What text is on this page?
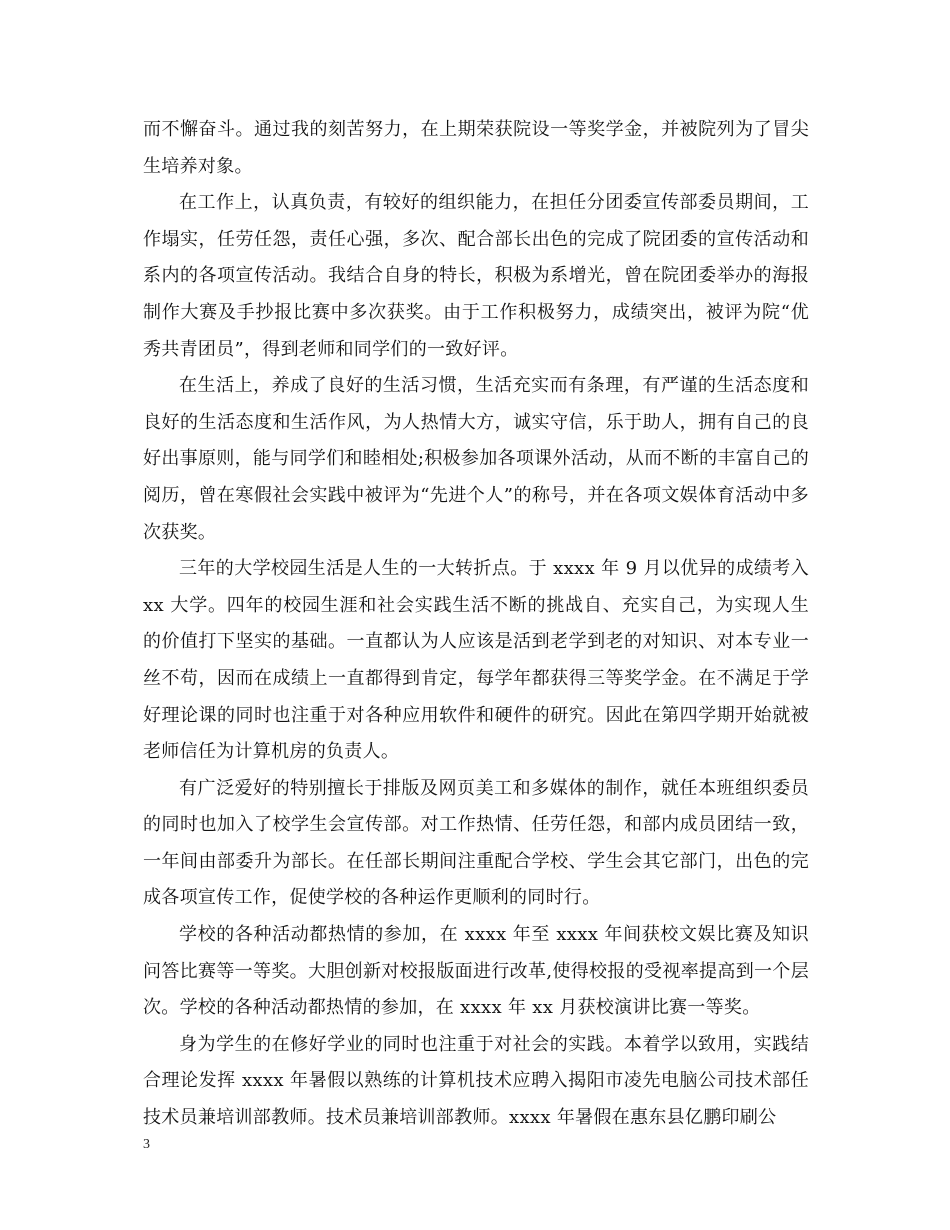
而不懈奋斗。通过我的刻苦努力，在上期荣获院设一等奖学金，并被院列为了冒尖生培养对象。

在工作上，认真负责，有较好的组织能力，在担任分团委宣传部委员期间，工作塌实，任劳任怨，责任心强，多次、配合部长出色的完成了院团委的宣传活动和系内的各项宣传活动。我结合自身的特长，积极为系增光，曾在院团委举办的海报制作大赛及手抄报比赛中多次获奖。由于工作积极努力，成绩突出，被评为院“优秀共青团员”，得到老师和同学们的一致好评。

在生活上，养成了良好的生活习惯，生活充实而有条理，有严谨的生活态度和良好的生活态度和生活作风，为人热情大方，诚实守信，乐于助人，拥有自己的良好出事原则，能与同学们和睦相处;积极参加各项课外活动，从而不断的丰富自己的阅历，曾在寒假社会实践中被评为“先进个人”的称号，并在各项文娱体育活动中多次获奖。

三年的大学校园生活是人生的一大转折点。于 xxxx 年 9 月以优异的成绩考入 xx 大学。四年的校园生涯和社会实践生活不断的挑战自、充实自己，为实现人生的价值打下坚实的基础。一直都认为人应该是活到老学到老的对知识、对本专业一丝不苟，因而在成绩上一直都得到肯定，每学年都获得三等奖学金。在不满足于学好理论课的同时也注重于对各种应用软件和硬件的研究。因此在第四学期开始就被老师信任为计算机房的负责人。

有广泛爱好的特别擅长于排版及网页美工和多媒体的制作，就任本班组织委员的同时也加入了校学生会宣传部。对工作热情、任劳任怨，和部内成员团结一致，一年间由部委升为部长。在任部长期间注重配合学校、学生会其它部门，出色的完成各项宣传工作，促使学校的各种运作更顺利的同时行。

学校的各种活动都热情的参加，在 xxxx 年至 xxxx 年间获校文娱比赛及知识问答比赛等一等奖。大胆创新对校报版面进行改革,使得校报的受视率提高到一个层次。学校的各种活动都热情的参加，在 xxxx 年 xx 月获校演讲比赛一等奖。

身为学生的在修好学业的同时也注重于对社会的实践。本着学以致用，实践结合理论发挥 xxxx 年暑假以熟练的计算机技术应聘入揭阳市凌先电脑公司技术部任技术员兼培训部教师。技术员兼培训部教师。xxxx 年暑假在惠东县亿鹏印刷公

3
